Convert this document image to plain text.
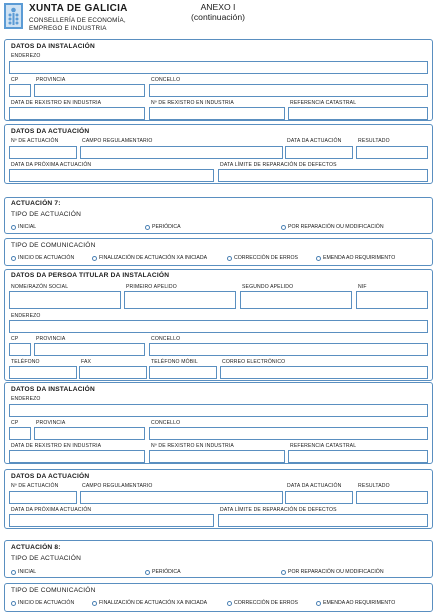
XUNTA DE GALICIA
CONSELLERÍA DE ECONOMÍA,
EMPREGO E INDUSTRIA
ANEXO I
(continuación)
DATOS DA INSTALACIÓN
ENDEREZO
CP	PROVINCIA	CONCELLO
DATA DE REXISTRO EN INDUSTRIA	Nº DE REXISTRO EN INDUSTRIA	REFERENCIA CATASTRAL
DATOS DA ACTUACIÓN
Nº DE ACTUACIÓN	CAMPO REGULAMENTARIO	DATA DA ACTUACIÓN	RESULTADO
DATA DA PRÓXIMA ACTUACIÓN	DATA LÍMITE DE REPARACIÓN DE DEFECTOS
ACTUACIÓN 7:
TIPO DE ACTUACIÓN
INICIAL	PERIÓDICA	POR REPARACIÓN OU MODIFICACIÓN
TIPO DE COMUNICACIÓN
INICIO DE ACTUACIÓN	FINALIZACIÓN DE ACTUACIÓN XA INICIADA	CORRECCIÓN DE ERROS	EMENDA AO REQUIRIMENTO
DATOS DA PERSOA TITULAR DA INSTALACIÓN
NOME/RAZÓN SOCIAL	PRIMEIRO APELIDO	SEGUNDO APELIDO	NIF
ENDEREZO
CP	PROVINCIA	CONCELLO
TELÉFONO	FAX	TELÉFONO MÓBIL	CORREO ELECTRÓNICO
DATOS DA INSTALACIÓN
ENDEREZO
CP	PROVINCIA	CONCELLO
DATA DE REXISTRO EN INDUSTRIA	Nº DE REXISTRO EN INDUSTRIA	REFERENCIA CATASTRAL
DATOS DA ACTUACIÓN
Nº DE ACTUACIÓN	CAMPO REGULAMENTARIO	DATA DA ACTUACIÓN	RESULTADO
DATA DA PRÓXIMA ACTUACIÓN	DATA LÍMITE DE REPARACIÓN DE DEFECTOS
ACTUACIÓN 8:
TIPO DE ACTUACIÓN
INICIAL	PERIÓDICA	POR REPARACIÓN OU MODIFICACIÓN
TIPO DE COMUNICACIÓN
INICIO DE ACTUACIÓN	FINALIZACIÓN DE ACTUACIÓN XA INICIADA	CORRECCIÓN DE ERROS	EMENDA AO REQUIRIMENTO
